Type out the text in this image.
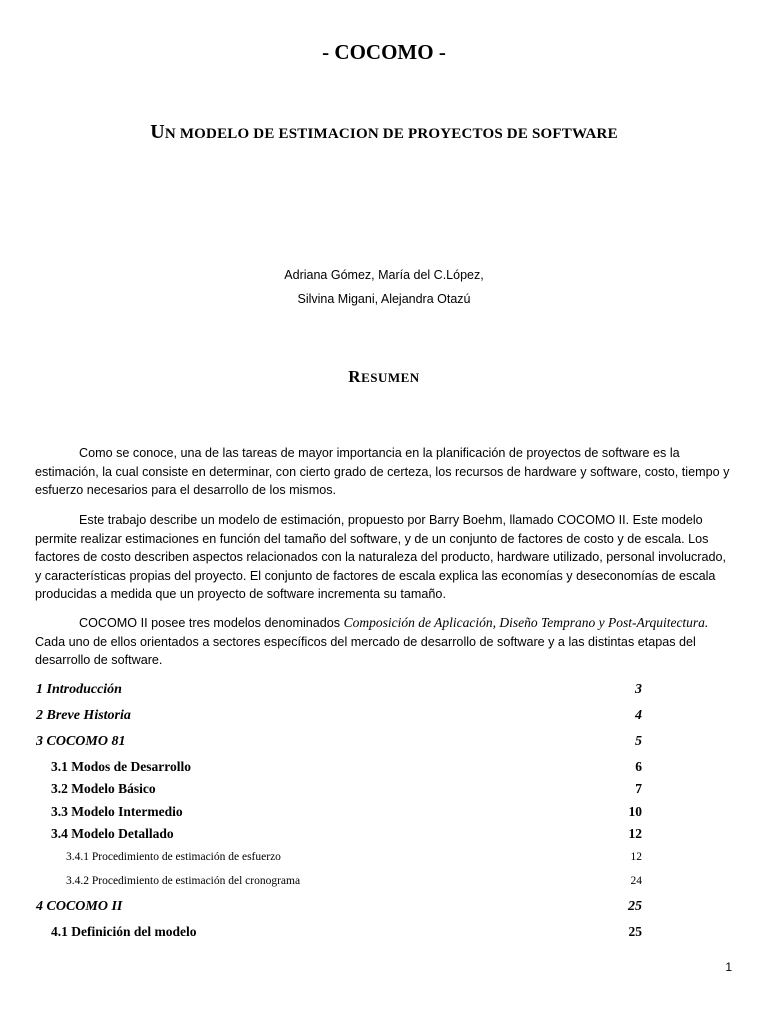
- COCOMO -
UN MODELO DE ESTIMACION DE PROYECTOS DE SOFTWARE
Adriana Gómez, María del C.López,
Silvina Migani, Alejandra Otazú
RESUMEN

Como se conoce, una de las tareas de mayor importancia en la planificación de proyectos de software es la estimación, la cual consiste en determinar, con cierto grado de certeza, los recursos de hardware y software, costo, tiempo y esfuerzo necesarios para el desarrollo de los mismos.

Este trabajo describe un modelo de estimación, propuesto por Barry Boehm, llamado COCOMO II. Este modelo permite realizar estimaciones en función del tamaño del software, y de un conjunto de factores de costo y de escala. Los factores de costo describen aspectos relacionados con la naturaleza del producto, hardware utilizado, personal involucrado, y características propias del proyecto. El conjunto de factores de escala explica las economías y deseconomías de escala producidas a medida que un proyecto de software incrementa su tamaño.

COCOMO II posee tres modelos denominados Composición de Aplicación, Diseño Temprano y Post-Arquitectura. Cada uno de ellos orientados a sectores específicos del mercado de desarrollo de software y a las distintas etapas del desarrollo de software.

1 Introducción	3
2 Breve Historia	4
3 COCOMO 81	5
3.1 Modos de Desarrollo	6
3.2 Modelo Básico	7
3.3 Modelo Intermedio	10
3.4 Modelo Detallado	12
3.4.1 Procedimiento de estimación de esfuerzo	12
3.4.2 Procedimiento de estimación del cronograma	24
4 COCOMO II	25
4.1 Definición del modelo	25
1
